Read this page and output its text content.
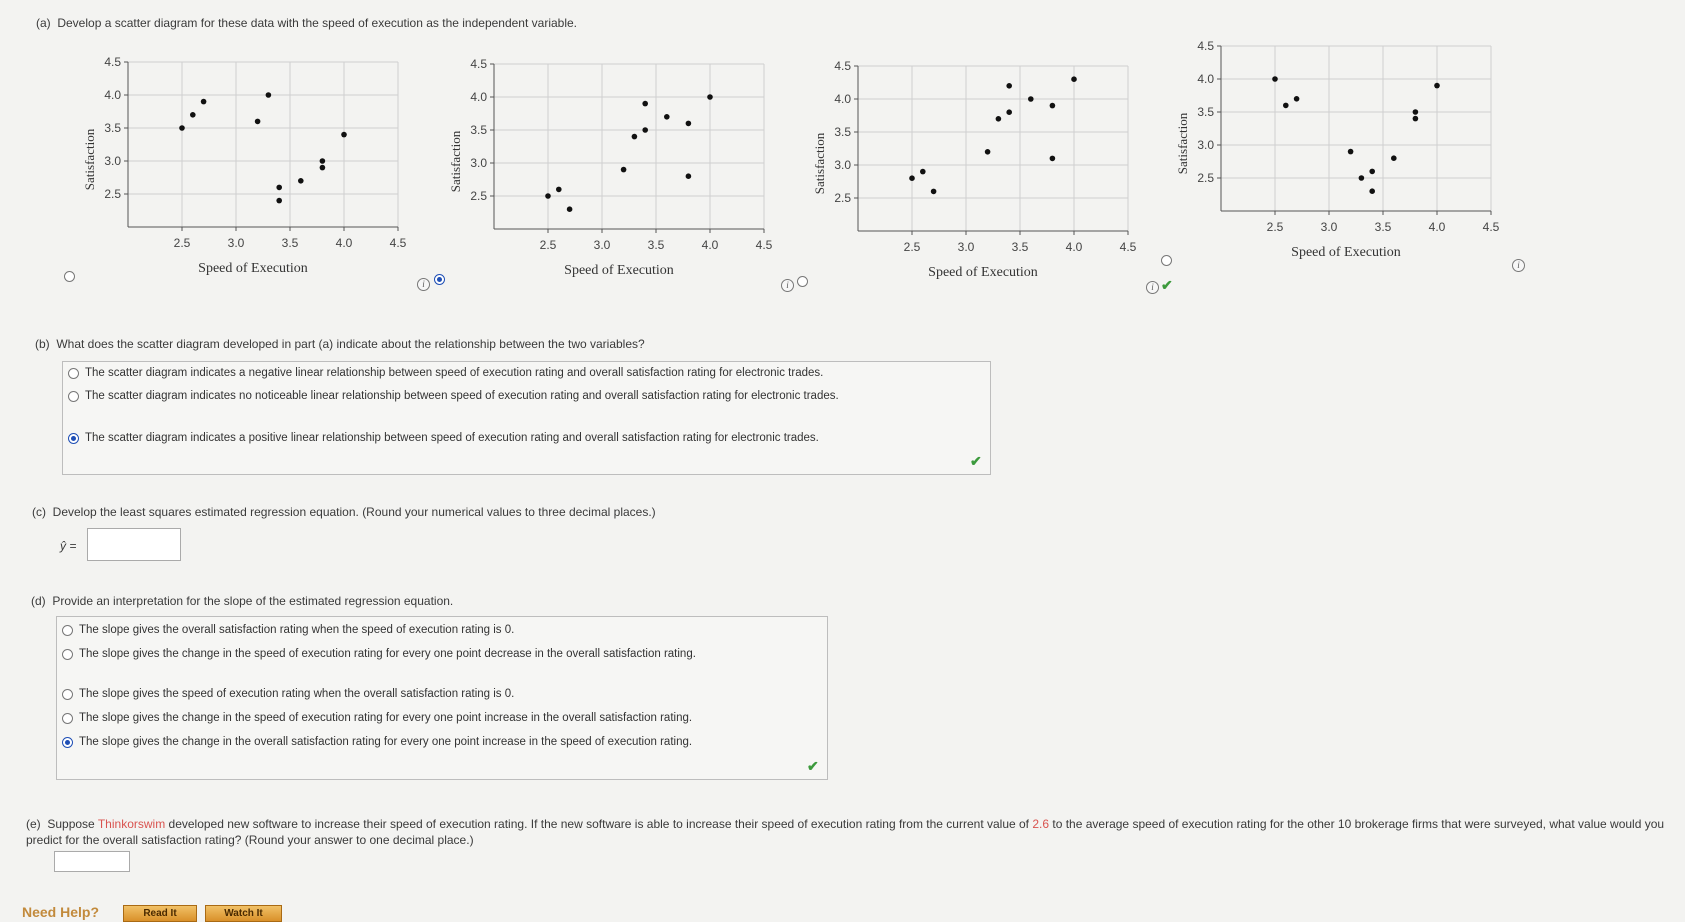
(a) Develop a scatter diagram for these data with the speed of execution as the independent variable.
2.5	3.0	3.5	4.0	4.5
4.5
4.0
3.5
3.0
2.5
Speed of Execution
Satisfaction
2.5	3.0	3.5	4.0	4.5
4.5
4.0
3.5
3.0
2.5
Speed of Execution
Satisfaction
2.5	3.0	3.5	4.0	4.5
4.5
4.0
3.5
3.0
2.5
Speed of Execution
Satisfaction
2.5	3.0	3.5	4.0	4.5
4.5
4.0
3.5
3.0
2.5
Speed of Execution
Satisfaction
i	i	i ✔
i
(b) What does the scatter diagram developed in part (a) indicate about the relationship between the two variables?
The scatter diagram indicates a negative linear relationship between speed of execution rating and overall satisfaction rating for electronic trades.
The scatter diagram indicates no noticeable linear relationship between speed of execution rating and overall satisfaction rating for electronic trades.
The scatter diagram indicates a positive linear relationship between speed of execution rating and overall satisfaction rating for electronic trades.
✔
(c) Develop the least squares estimated regression equation. (Round your numerical values to three decimal places.)
ŷ =
(d) Provide an interpretation for the slope of the estimated regression equation.
The slope gives the overall satisfaction rating when the speed of execution rating is 0.
The slope gives the change in the speed of execution rating for every one point decrease in the overall satisfaction rating.
The slope gives the speed of execution rating when the overall satisfaction rating is 0.
The slope gives the change in the speed of execution rating for every one point increase in the overall satisfaction rating.
The slope gives the change in the overall satisfaction rating for every one point increase in the speed of execution rating.
✔
(e) Suppose Thinkorswim developed new software to increase their speed of execution rating. If the new software is able to increase their speed of execution rating from the current value of 2.6 to the average speed of execution rating for the other 10 brokerage firms that were surveyed, what value would you predict for the overall satisfaction rating? (Round your answer to one decimal place.)
Need Help?	Read It	Watch It
